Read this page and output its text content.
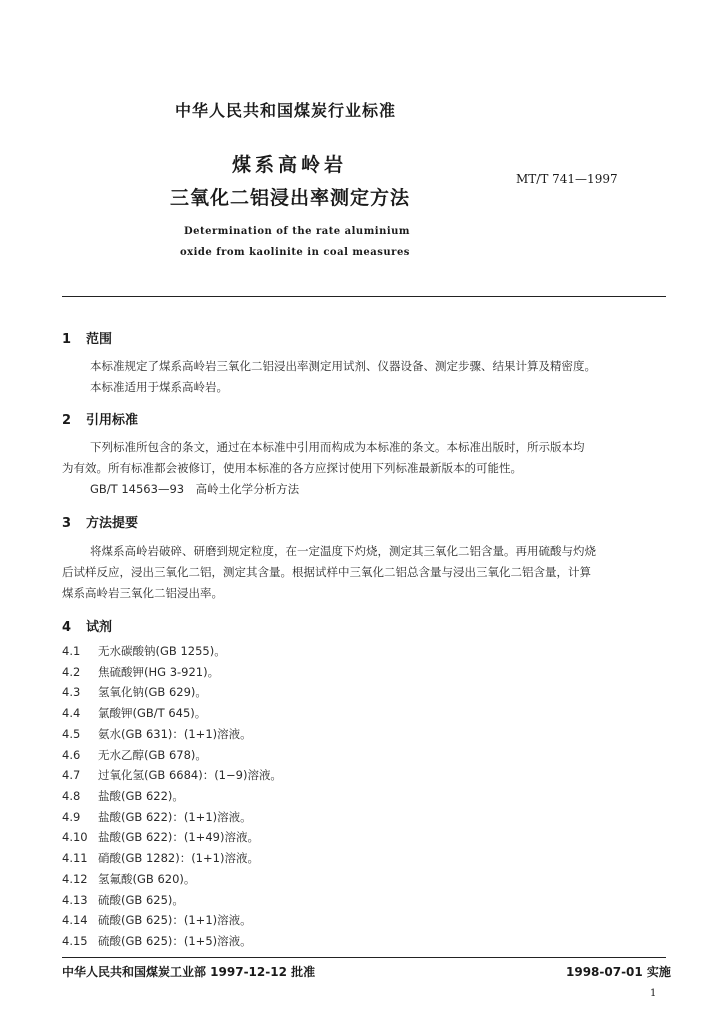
中华人民共和国煤炭行业标准
煤系高岭岩
三氧化二铝浸出率测定方法
MT/T 741—1997
Determination of the rate aluminium
oxide from kaolinite in coal measures
1 范围
本标准规定了煤系高岭岩三氧化二铝浸出率测定用试剂、仪器设备、测定步骤、结果计算及精密度。
本标准适用于煤系高岭岩。
2 引用标准
下列标准所包含的条文，通过在本标准中引用而构成为本标准的条文。本标准出版时，所示版本均
为有效。所有标准都会被修订，使用本标准的各方应探讨使用下列标准最新版本的可能性。
GB/T 14563—93　高岭土化学分析方法
3 方法提要
将煤系高岭岩破碎、研磨到规定粒度，在一定温度下灼烧，测定其三氧化二铝含量。再用硫酸与灼烧
后试样反应，浸出三氧化二铝，测定其含量。根据试样中三氧化二铝总含量与浸出三氧化二铝含量，计算
煤系高岭岩三氧化二铝浸出率。
4 试剂
4.1 无水碳酸钠(GB 1255)。
4.2 焦硫酸钾(HG 3-921)。
4.3 氢氧化钠(GB 629)。
4.4 氯酸钾(GB/T 645)。
4.5 氨水(GB 631)：(1+1)溶液。
4.6 无水乙醇(GB 678)。
4.7 过氧化氢(GB 6684)：(1−9)溶液。
4.8 盐酸(GB 622)。
4.9 盐酸(GB 622)：(1+1)溶液。
4.10 盐酸(GB 622)：(1+49)溶液。
4.11 硝酸(GB 1282)：(1+1)溶液。
4.12 氢氟酸(GB 620)。
4.13 硫酸(GB 625)。
4.14 硫酸(GB 625)：(1+1)溶液。
4.15 硫酸(GB 625)：(1+5)溶液。
中华人民共和国煤炭工业部 1997-12-12 批准	1998-07-01 实施
1
